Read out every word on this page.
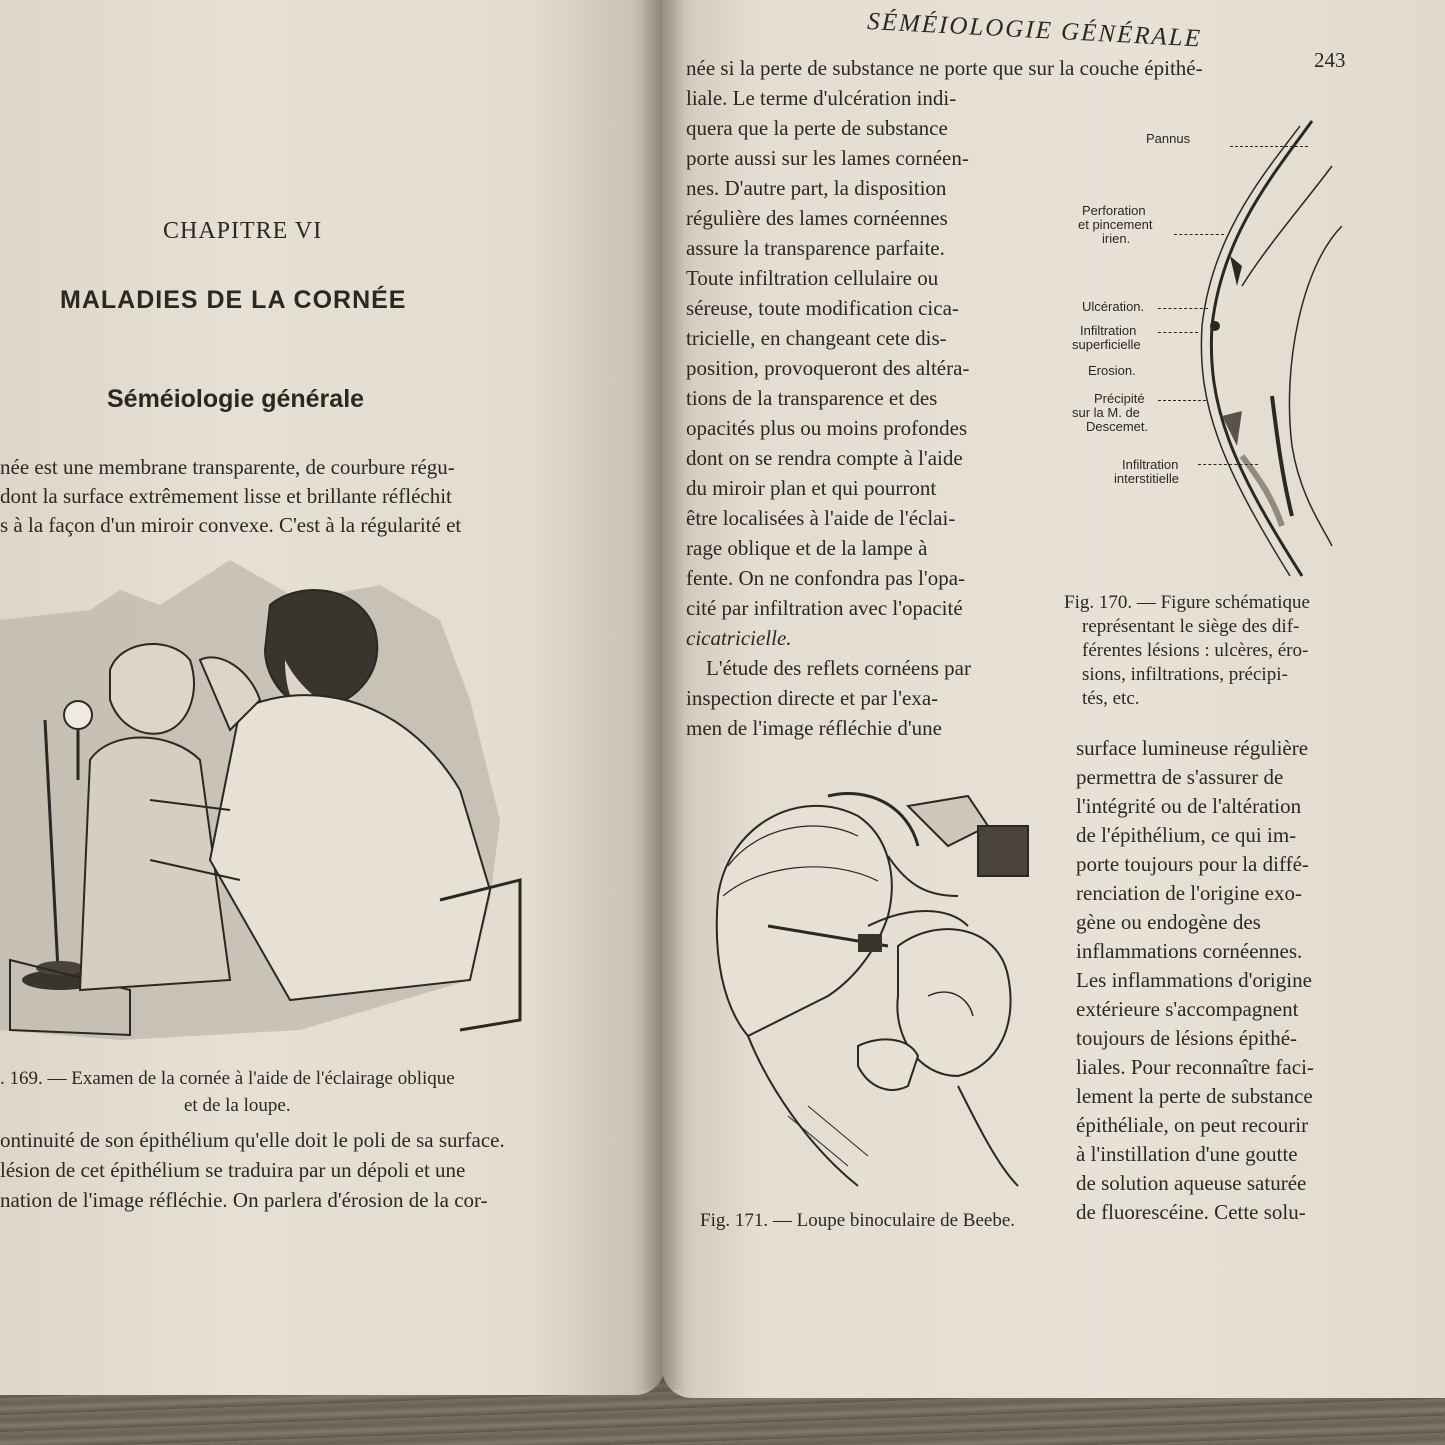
CHAPITRE VI
MALADIES DE LA CORNÉE
Séméiologie générale
née est une membrane transparente, de courbure régu-
dont la surface extrêmement lisse et brillante réfléchit
s à la façon d'un miroir convexe. C'est à la régularité et
. 169. — Examen de la cornée à l'aide de l'éclairage oblique
et de la loupe.
ontinuité de son épithélium qu'elle doit le poli de sa surface.
lésion de cet épithélium se traduira par un dépoli et une
nation de l'image réfléchie. On parlera d'érosion de la cor-
SÉMÉIOLOGIE GÉNÉRALE
243
née si la perte de substance ne porte que sur la couche épithé-
liale. Le terme d'ulcération indi-
quera que la perte de substance
porte aussi sur les lames cornéen-
nes. D'autre part, la disposition
régulière des lames cornéennes
assure la transparence parfaite.
Toute infiltration cellulaire ou
séreuse, toute modification cica-
tricielle, en changeant cete dis-
position, provoqueront des altéra-
tions de la transparence et des
opacités plus ou moins profondes
dont on se rendra compte à l'aide
du miroir plan et qui pourront
être localisées à l'aide de l'éclai-
rage oblique et de la lampe à
fente. On ne confondra pas l'opa-
cité par infiltration avec l'opacité
cicatricielle.
L'étude des reflets cornéens par
inspection directe et par l'exa-
men de l'image réfléchie d'une
Pannus
Perforation
et pincement
irien.
Ulcération.
Infiltration
superficielle
Erosion.
Précipité
sur la M. de
Descemet.
Infiltration
interstitielle
Fig. 170. — Figure schématique
représentant le siège des dif-
férentes lésions : ulcères, éro-
sions, infiltrations, précipi-
tés, etc.
Fig. 171. — Loupe binoculaire de Beebe.
surface lumineuse régulière
permettra de s'assurer de
l'intégrité ou de l'altération
de l'épithélium, ce qui im-
porte toujours pour la diffé-
renciation de l'origine exo-
gène ou endogène des
inflammations cornéennes.
Les inflammations d'origine
extérieure s'accompagnent
toujours de lésions épithé-
liales. Pour reconnaître faci-
lement la perte de substance
épithéliale, on peut recourir
à l'instillation d'une goutte
de solution aqueuse saturée
de fluorescéine. Cette solu-
